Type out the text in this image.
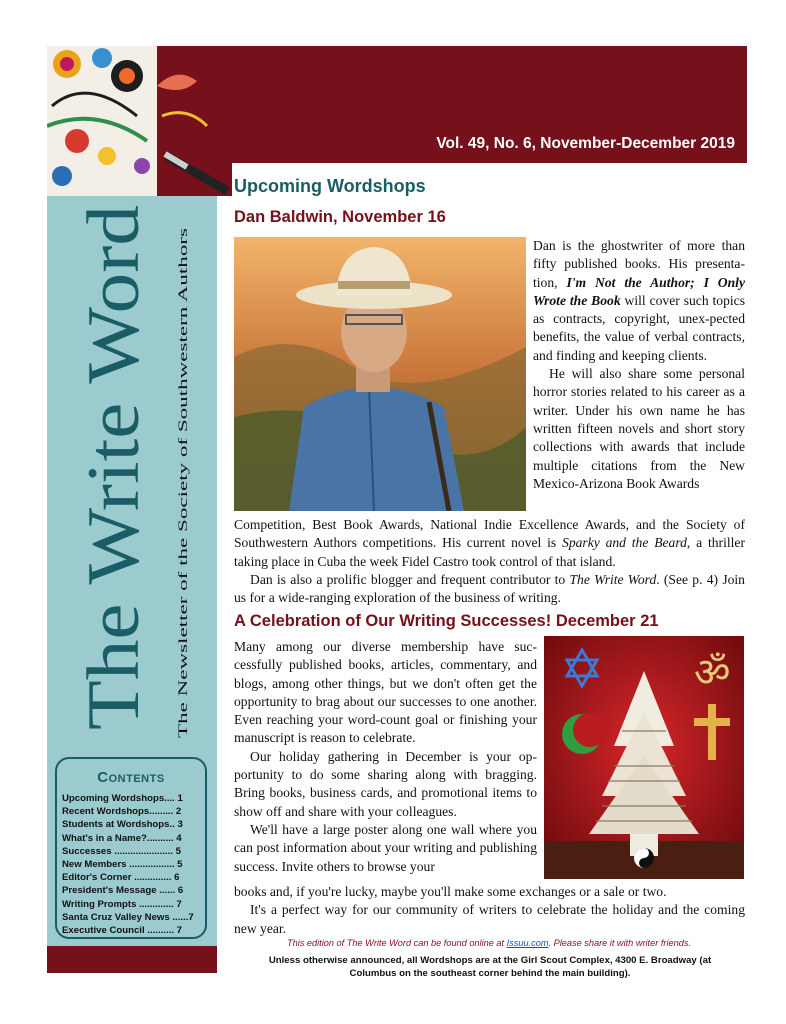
Vol. 49, No. 6, November-December 2019
The Write Word The Newsletter of the Society of Southwestern Authors
Contents
Upcoming Wordshops.... 1
Recent Wordshops......... 2
Students at Wordshops.. 3
What's in a Name?.......... 4
Successes ...................... 5
New Members ................. 5
Editor's Corner .............. 6
President's Message ...... 6
Writing Prompts ............. 7
Santa Cruz Valley News ......7
Executive Council .......... 7
Upcoming Wordshops
Dan Baldwin, November 16

Dan is the ghostwriter of more than fifty published books. His presenta-tion, I'm Not the Author; I Only Wrote the Book will cover such topics as contracts, copyright, unex-pected benefits, the value of verbal contracts, and finding and keeping clients.

He will also share some personal horror stories related to his career as a writer. Under his own name he has written fifteen novels and short story collections with awards that include multiple citations from the New Mexico-Arizona Book Awards

Competition, Best Book Awards, National Indie Excellence Awards, and the Society of Southwestern Authors competitions. His current novel is Sparky and the Beard, a thriller taking place in Cuba the week Fidel Castro took control of that island.

Dan is also a prolific blogger and frequent contributor to The Write Word. (See p. 4) Join us for a wide-ranging exploration of the business of writing.

A Celebration of Our Writing Successes! December 21

Many among our diverse membership have suc-cessfully published books, articles, commentary, and blogs, among other things, but we don't often get the opportunity to brag about our successes to one another. Even reaching your word-count goal or finishing your manuscript is reason to celebrate.

Our holiday gathering in December is your op-portunity to do some sharing along with bragging. Bring books, business cards, and promotional items to show off and share with your colleagues.

We'll have a large poster along one wall where you can post information about your writing and publishing success. Invite others to browse your

ॐ

books and, if you're lucky, maybe you'll make some exchanges or a sale or two.

It's a perfect way for our community of writers to celebrate the holiday and the coming new year.

This edition of The Write Word can be found online at Issuu.com. Please share it with writer friends.
Unless otherwise announced, all Wordshops are at the Girl Scout Complex, 4300 E. Broadway (at Columbus on the southeast corner behind the main building).
